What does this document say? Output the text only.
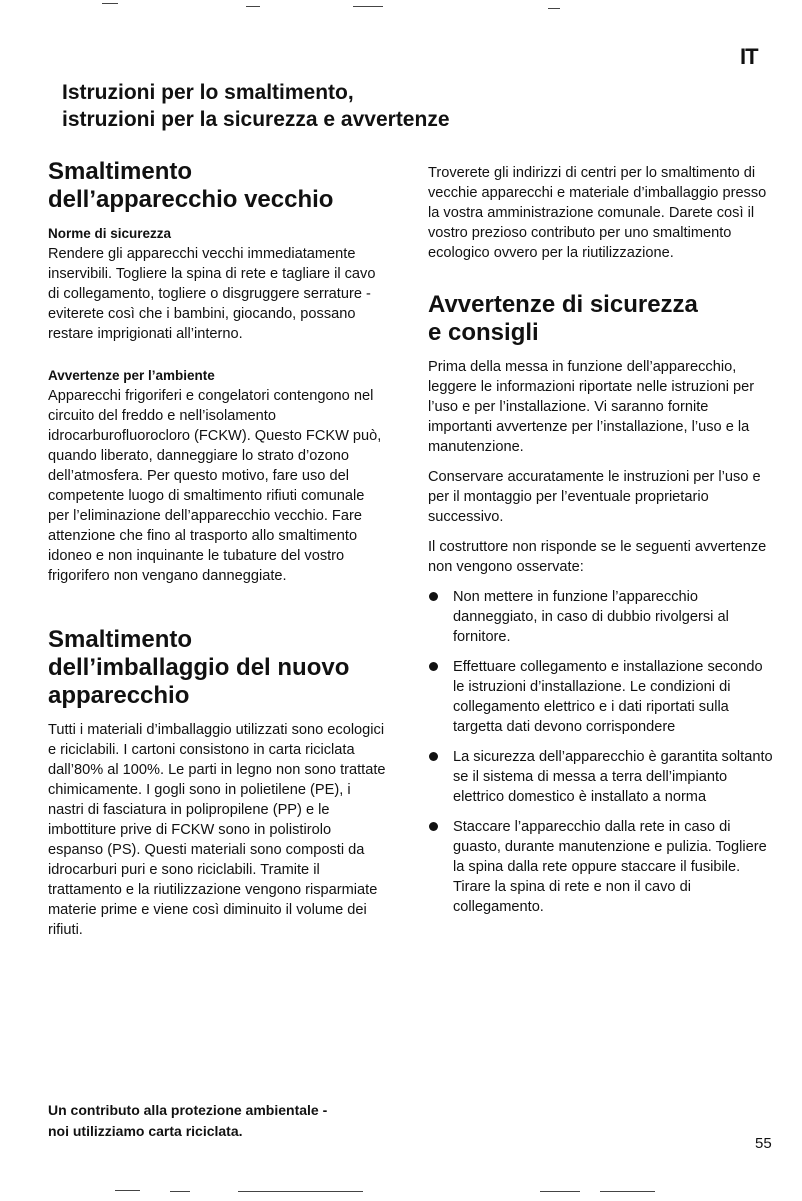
IT
Istruzioni per lo smaltimento,
istruzioni per la sicurezza e avvertenze
Smaltimento
dell’apparecchio vecchio
Norme di sicurezza

Rendere gli apparecchi vecchi immediatamente inservibili. Togliere la spina di rete e tagliare il cavo di collegamento, togliere o disgruggere serrature - eviterete così che i bambini, giocando, possano restare imprigionati all’interno.

Avvertenze per l’ambiente

Apparecchi frigoriferi e congelatori contengono nel circuito del freddo e nell’isolamento idrocarburofluorocloro (FCKW). Questo FCKW può, quando liberato, danneggiare lo strato d’ozono dell’atmosfera. Per questo motivo, fare uso del competente luogo di smaltimento rifiuti comunale per l’eliminazione dell’apparecchio vecchio. Fare attenzione che fino al trasporto allo smaltimento idoneo e non inquinante le tubature del vostro frigorifero non vengano danneggiate.

Smaltimento
dell’imballaggio del nuovo
apparecchio

Tutti i materiali d’imballaggio utilizzati sono ecologici e riciclabili. I cartoni consistono in carta riciclata dall’80% al 100%. Le parti in legno non sono trattate chimicamente. I gogli sono in polietilene (PE), i nastri di fasciatura in polipropilene (PP) e le imbottiture prive di FCKW sono in polistirolo espanso (PS). Questi materiali sono composti da idrocarburi puri e sono riciclabili. Tramite il trattamento e la riutilizzazione vengono risparmiate materie prime e viene così diminuito il volume dei rifiuti.

Troverete gli indirizzi di centri per lo smaltimento di vecchie apparecchi e materiale d’imballaggio presso la vostra amministrazione comunale. Darete così il vostro prezioso contributo per uno smaltimento ecologico ovvero per la riutilizzazione.

Avvertenze di sicurezza
e consigli

Prima della messa in funzione dell’apparecchio, leggere le informazioni riportate nelle istruzioni per l’uso e per l’installazione. Vi saranno fornite importanti avvertenze per l’installazione, l’uso e la manutenzione.

Conservare accuratamente le instruzioni per l’uso e per il montaggio per l’eventuale proprietario successivo.

Il costruttore non risponde se le seguenti avvertenze non vengono osservate:

Non mettere in funzione l’apparecchio danneggiato, in caso di dubbio rivolgersi al fornitore.
Effettuare collegamento e installazione secondo le istruzioni d’installazione. Le condizioni di collegamento elettrico e i dati riportati sulla targetta dati devono corrispondere
La sicurezza dell’apparecchio è garantita soltanto se il sistema di messa a terra dell’impianto elettrico domestico è installato a norma
Staccare l’apparecchio dalla rete in caso di guasto, durante manutenzione e pulizia. Togliere la spina dalla rete oppure staccare il fusibile. Tirare la spina di rete e non il cavo di collegamento.
Un contributo alla protezione ambientale -
noi utilizziamo carta riciclata.
55
